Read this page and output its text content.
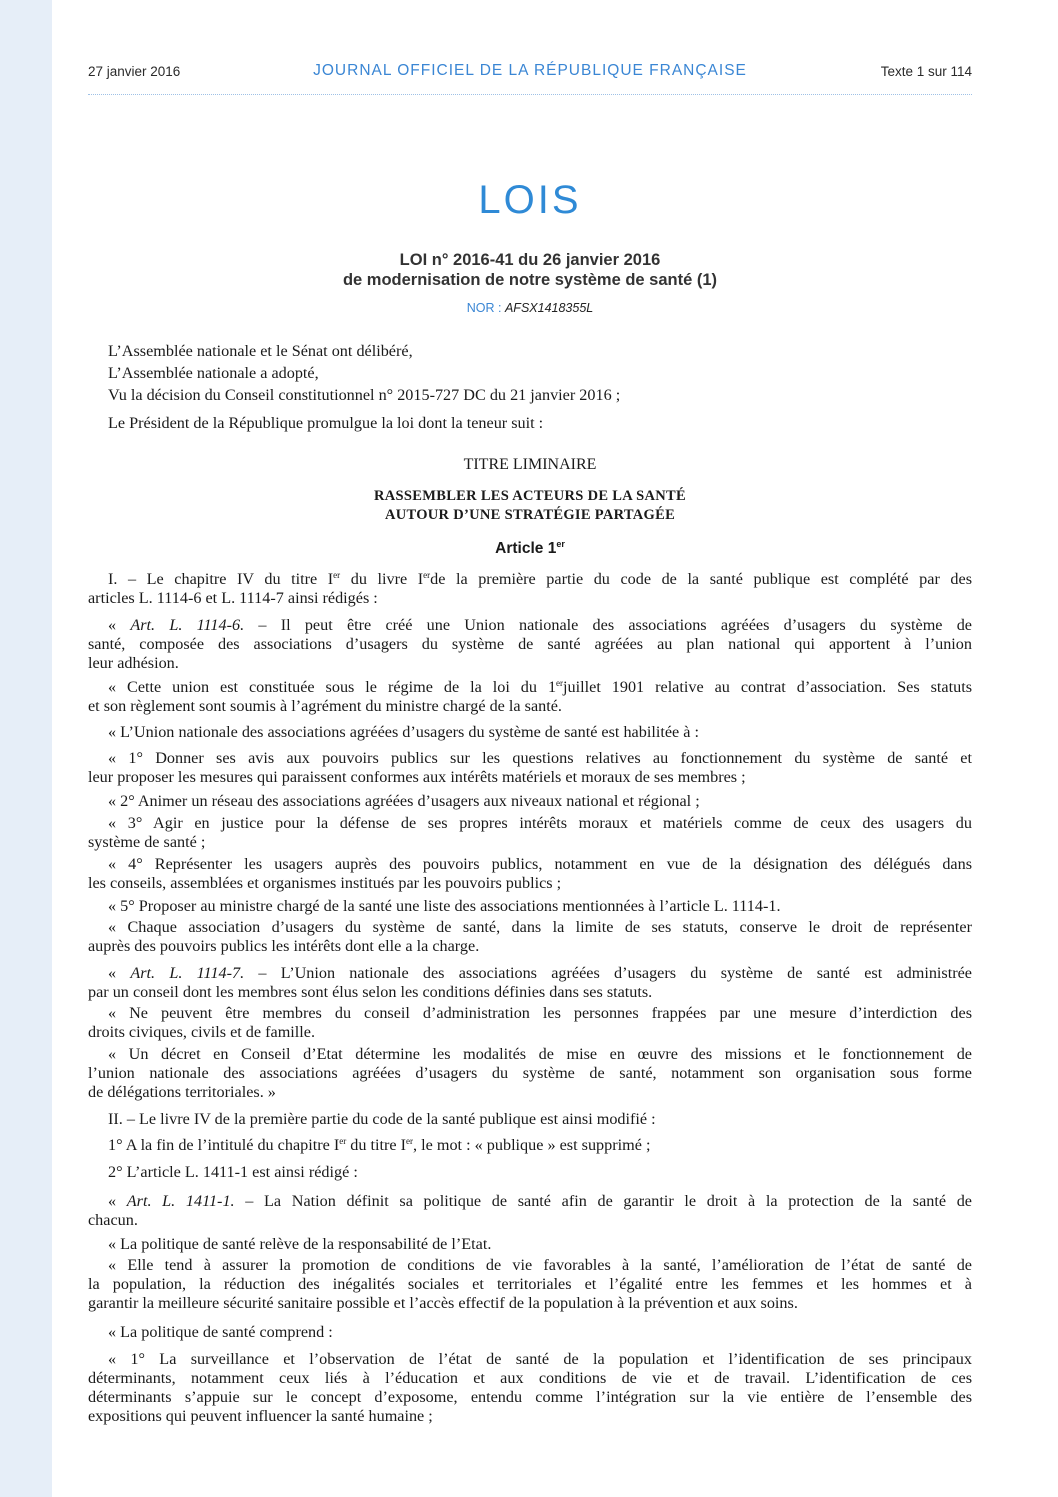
27 janvier 2016	JOURNAL OFFICIEL DE LA RÉPUBLIQUE FRANÇAISE	Texte 1 sur 114
LOIS
LOI n° 2016-41 du 26 janvier 2016
de modernisation de notre système de santé (1)
NOR : AFSX1418355L
L’Assemblée nationale et le Sénat ont délibéré,
L’Assemblée nationale a adopté,
Vu la décision du Conseil constitutionnel n° 2015-727 DC du 21 janvier 2016 ;
Le Président de la République promulgue la loi dont la teneur suit :
TITRE LIMINAIRE
RASSEMBLER LES ACTEURS DE LA SANTÉ
AUTOUR D’UNE STRATÉGIE PARTAGÉE
Article 1er
I. – Le chapitre IV du titre Ier du livre Ierde la première partie du code de la santé publique est complété par des
articles L. 1114-6 et L. 1114-7 ainsi rédigés :
« Art. L. 1114-6. – Il peut être créé une Union nationale des associations agréées d’usagers du système de
santé, composée des associations d’usagers du système de santé agréées au plan national qui apportent à l’union
leur adhésion.
« Cette union est constituée sous le régime de la loi du 1erjuillet 1901 relative au contrat d’association. Ses statuts
et son règlement sont soumis à l’agrément du ministre chargé de la santé.
« L’Union nationale des associations agréées d’usagers du système de santé est habilitée à :
« 1° Donner ses avis aux pouvoirs publics sur les questions relatives au fonctionnement du système de santé et
leur proposer les mesures qui paraissent conformes aux intérêts matériels et moraux de ses membres ;
« 2° Animer un réseau des associations agréées d’usagers aux niveaux national et régional ;
« 3° Agir en justice pour la défense de ses propres intérêts moraux et matériels comme de ceux des usagers du
système de santé ;
« 4° Représenter les usagers auprès des pouvoirs publics, notamment en vue de la désignation des délégués dans
les conseils, assemblées et organismes institués par les pouvoirs publics ;
« 5° Proposer au ministre chargé de la santé une liste des associations mentionnées à l’article L. 1114-1.
« Chaque association d’usagers du système de santé, dans la limite de ses statuts, conserve le droit de représenter
auprès des pouvoirs publics les intérêts dont elle a la charge.
« Art. L. 1114-7. – L’Union nationale des associations agréées d’usagers du système de santé est administrée
par un conseil dont les membres sont élus selon les conditions définies dans ses statuts.
« Ne peuvent être membres du conseil d’administration les personnes frappées par une mesure d’interdiction des
droits civiques, civils et de famille.
« Un décret en Conseil d’Etat détermine les modalités de mise en œuvre des missions et le fonctionnement de
l’union nationale des associations agréées d’usagers du système de santé, notamment son organisation sous forme
de délégations territoriales. »
II. – Le livre IV de la première partie du code de la santé publique est ainsi modifié :
1° A la fin de l’intitulé du chapitre Ier du titre Ier, le mot : « publique » est supprimé ;
2° L’article L. 1411-1 est ainsi rédigé :
« Art. L. 1411-1. – La Nation définit sa politique de santé afin de garantir le droit à la protection de la santé de
chacun.
« La politique de santé relève de la responsabilité de l’Etat.
« Elle tend à assurer la promotion de conditions de vie favorables à la santé, l’amélioration de l’état de santé de
la population, la réduction des inégalités sociales et territoriales et l’égalité entre les femmes et les hommes et à
garantir la meilleure sécurité sanitaire possible et l’accès effectif de la population à la prévention et aux soins.
« La politique de santé comprend :
« 1° La surveillance et l’observation de l’état de santé de la population et l’identification de ses principaux
déterminants, notamment ceux liés à l’éducation et aux conditions de vie et de travail. L’identification de ces
déterminants s’appuie sur le concept d’exposome, entendu comme l’intégration sur la vie entière de l’ensemble des
expositions qui peuvent influencer la santé humaine ;
